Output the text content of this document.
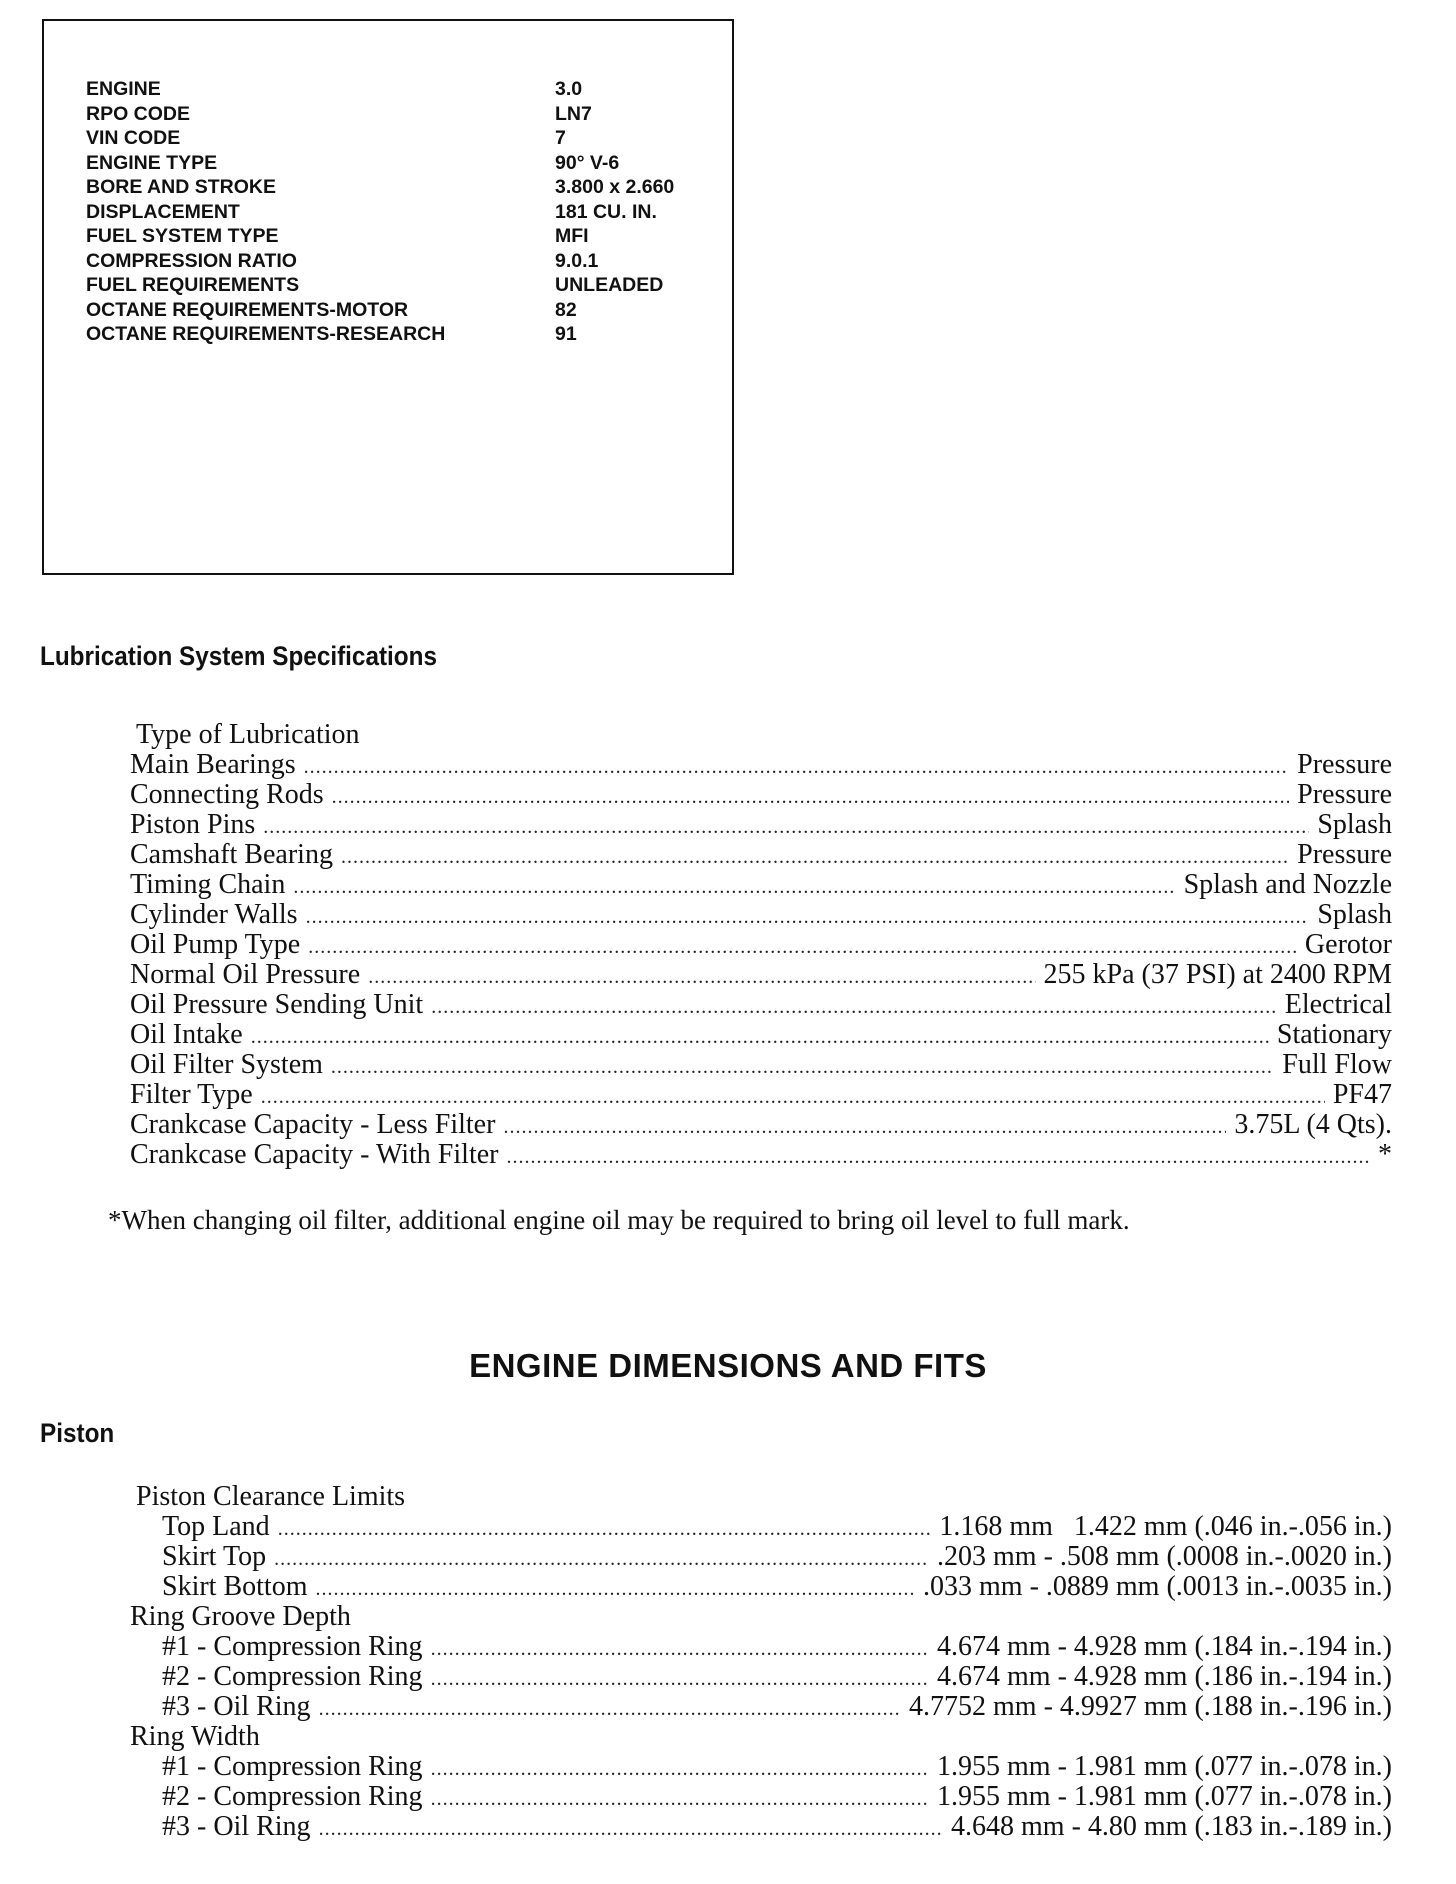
ENGINE	3.0
RPO CODE	LN7
VIN CODE	7
ENGINE TYPE	90° V-6
BORE AND STROKE	3.800 x 2.660
DISPLACEMENT	181 CU. IN.
FUEL SYSTEM TYPE	MFI
COMPRESSION RATIO	9.0.1
FUEL REQUIREMENTS	UNLEADED
OCTANE REQUIREMENTS-MOTOR	82
OCTANE REQUIREMENTS-RESEARCH	91
Lubrication System Specifications
Type of Lubrication
Main Bearings .....	Pressure
Connecting Rods .....	Pressure
Piston Pins .....	Splash
Camshaft Bearing .....	Pressure
Timing Chain .....	Splash and Nozzle
Cylinder Walls .....	Splash
Oil Pump Type .....	Gerotor
Normal Oil Pressure .....	255 kPa (37 PSI) at 2400 RPM
Oil Pressure Sending Unit .....	Electrical
Oil Intake .....	Stationary
Oil Filter System .....	Full Flow
Filter Type .....	PF47
Crankcase Capacity - Less Filter .....	3.75L (4 Qts).
Crankcase Capacity - With Filter .....	*
*When changing oil filter, additional engine oil may be required to bring oil level to full mark.
ENGINE DIMENSIONS AND FITS
Piston
Piston Clearance Limits
Top Land .....	1.168 mm   1.422 mm (.046 in.-.056 in.)
Skirt Top .....	.203 mm - .508 mm (.0008 in.-.0020 in.)
Skirt Bottom .....	.033 mm - .0889 mm (.0013 in.-.0035 in.)
Ring Groove Depth
#1 - Compression Ring .....	4.674 mm - 4.928 mm (.184 in.-.194 in.)
#2 - Compression Ring .....	4.674 mm - 4.928 mm (.186 in.-.194 in.)
#3 - Oil Ring .....	4.7752 mm - 4.9927 mm (.188 in.-.196 in.)
Ring Width
#1 - Compression Ring .....	1.955 mm - 1.981 mm (.077 in.-.078 in.)
#2 - Compression Ring .....	1.955 mm - 1.981 mm (.077 in.-.078 in.)
#3 - Oil Ring .....	4.648 mm - 4.80 mm (.183 in.-.189 in.)
